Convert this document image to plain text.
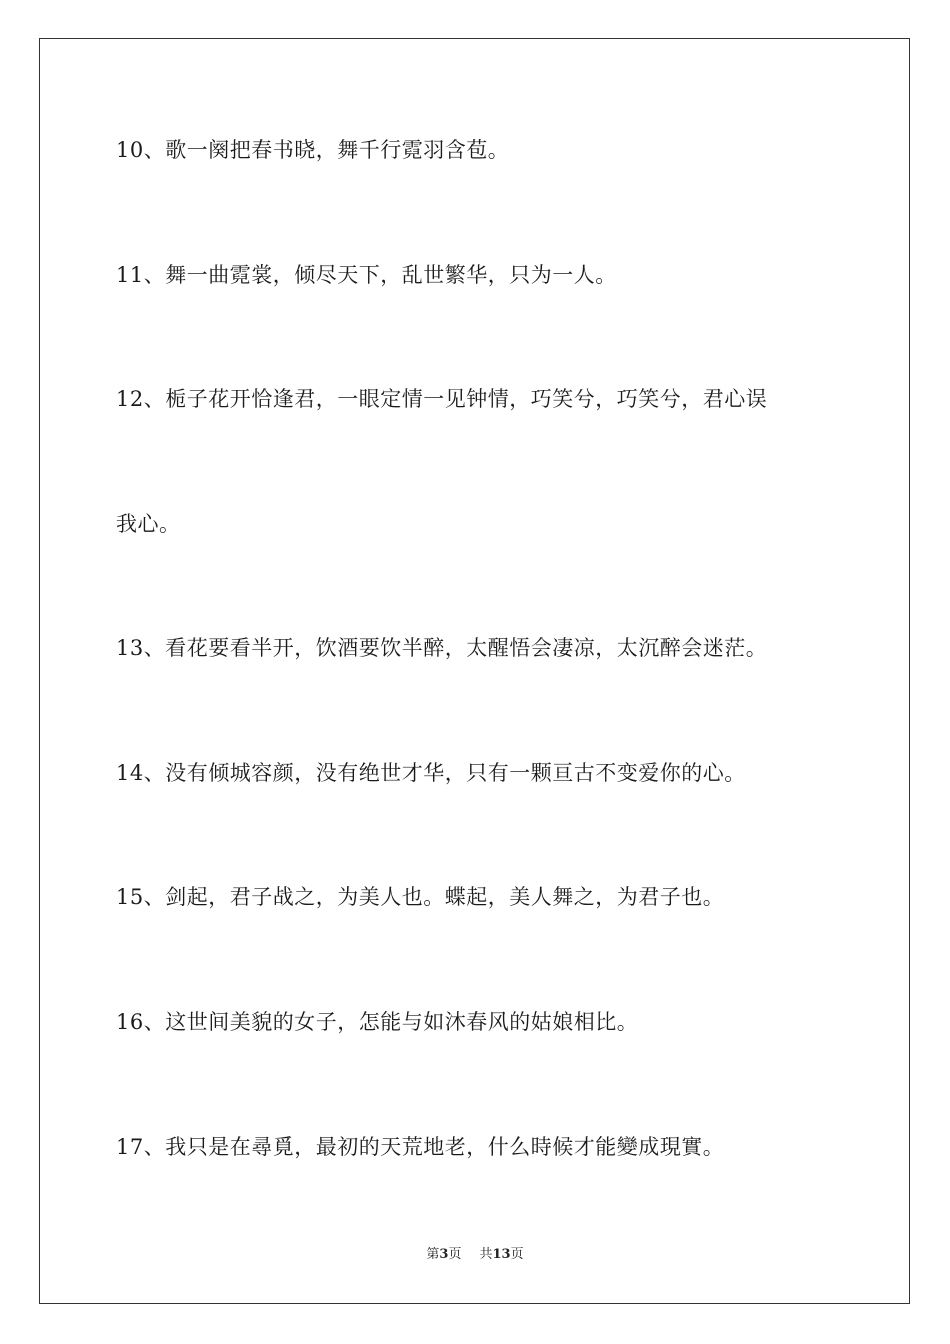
10、歌一阕把春书晓，舞千行霓羽含苞。
11、舞一曲霓裳，倾尽天下，乱世繁华，只为一人。
12、栀子花开恰逢君，一眼定情一见钟情，巧笑兮，巧笑兮，君心误
我心。
13、看花要看半开，饮酒要饮半醉，太醒悟会凄凉，太沉醉会迷茫。
14、没有倾城容颜，没有绝世才华，只有一颗亘古不变爱你的心。
15、剑起，君子战之，为美人也。蝶起，美人舞之，为君子也。
16、这世间美貌的女子，怎能与如沐春风的姑娘相比。
17、我只是在尋覓，最初的天荒地老，什么時候才能變成現實。
第3页 共13页
